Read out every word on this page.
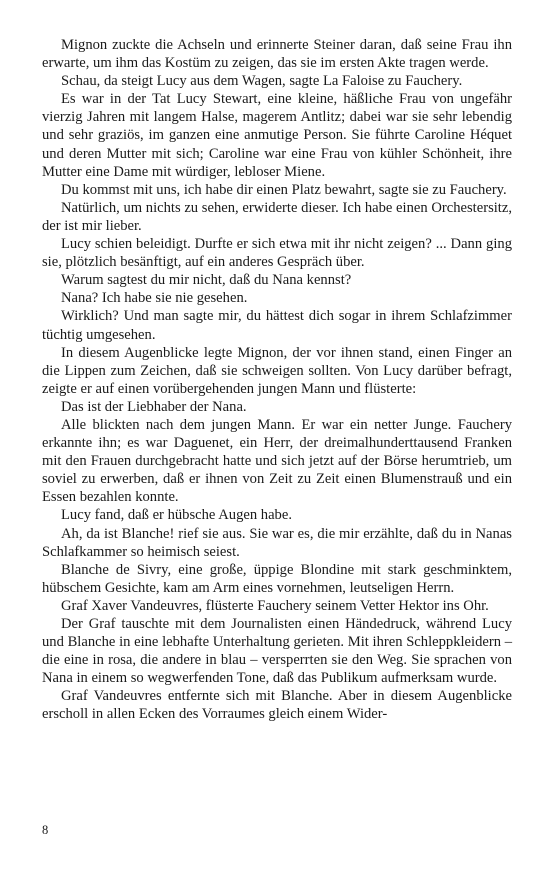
Mignon zuckte die Achseln und erinnerte Steiner daran, daß seine Frau ihn erwarte, um ihm das Kostüm zu zeigen, das sie im ersten Akte tragen werde.

Schau, da steigt Lucy aus dem Wagen, sagte La Faloise zu Fauchery.

Es war in der Tat Lucy Stewart, eine kleine, häßliche Frau von ungefähr vierzig Jahren mit langem Halse, magerem Antlitz; dabei war sie sehr lebendig und sehr graziös, im ganzen eine anmutige Person. Sie führte Caroline Héquet und deren Mutter mit sich; Caroline war eine Frau von kühler Schönheit, ihre Mutter eine Dame mit würdiger, lebloser Miene.

Du kommst mit uns, ich habe dir einen Platz bewahrt, sagte sie zu Fauchery.

Natürlich, um nichts zu sehen, erwiderte dieser. Ich habe einen Orchestersitz, der ist mir lieber.

Lucy schien beleidigt. Durfte er sich etwa mit ihr nicht zeigen? ... Dann ging sie, plötzlich besänftigt, auf ein anderes Gespräch über.

Warum sagtest du mir nicht, daß du Nana kennst?

Nana? Ich habe sie nie gesehen.

Wirklich? Und man sagte mir, du hättest dich sogar in ihrem Schlafzimmer tüchtig umgesehen.

In diesem Augenblicke legte Mignon, der vor ihnen stand, einen Finger an die Lippen zum Zeichen, daß sie schweigen sollten. Von Lucy darüber befragt, zeigte er auf einen vorübergehenden jungen Mann und flüsterte:

Das ist der Liebhaber der Nana.

Alle blickten nach dem jungen Mann. Er war ein netter Junge. Fauchery erkannte ihn; es war Daguenet, ein Herr, der dreimalhunderttausend Franken mit den Frauen durchgebracht hatte und sich jetzt auf der Börse herumtrieb, um soviel zu erwerben, daß er ihnen von Zeit zu Zeit einen Blumenstrauß und ein Essen bezahlen konnte.

Lucy fand, daß er hübsche Augen habe.

Ah, da ist Blanche! rief sie aus. Sie war es, die mir erzählte, daß du in Nanas Schlafkammer so heimisch seiest.

Blanche de Sivry, eine große, üppige Blondine mit stark geschminktem, hübschem Gesichte, kam am Arm eines vornehmen, leutseligen Herrn.

Graf Xaver Vandeuvres, flüsterte Fauchery seinem Vetter Hektor ins Ohr.

Der Graf tauschte mit dem Journalisten einen Händedruck, während Lucy und Blanche in eine lebhafte Unterhaltung gerieten. Mit ihren Schleppkleidern – die eine in rosa, die andere in blau – versperrten sie den Weg. Sie sprachen von Nana in einem so wegwerfenden Tone, daß das Publikum aufmerksam wurde.

Graf Vandeuvres entfernte sich mit Blanche. Aber in diesem Augenblicke erscholl in allen Ecken des Vorraumes gleich einem Wider-

8
